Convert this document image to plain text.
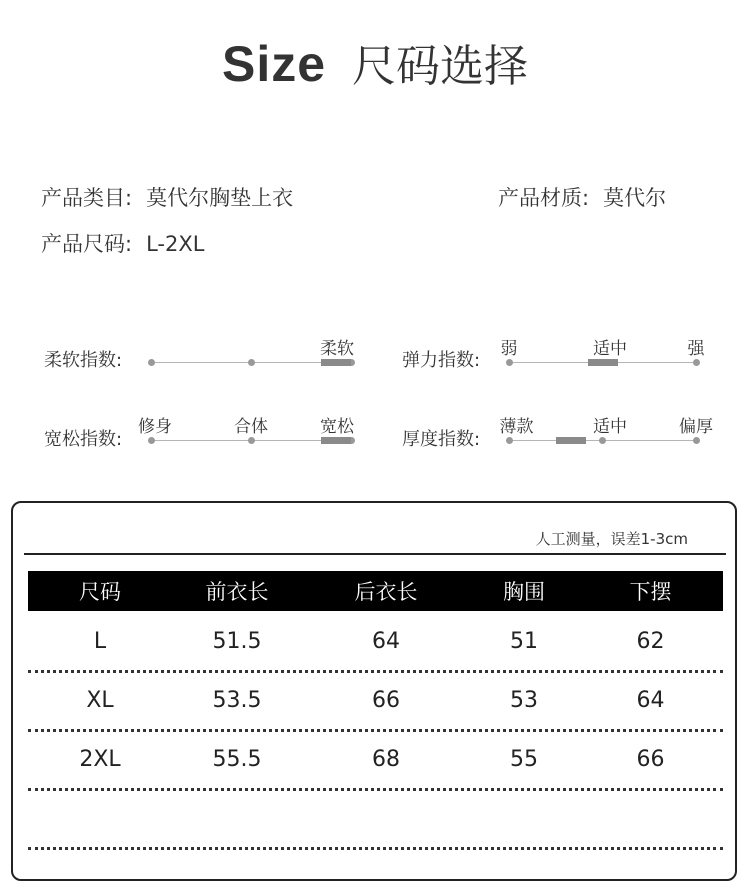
Size 尺码选择
产品类目: 莫代尔胸垫上衣	产品材质: 莫代尔
产品尺码: L-2XL
柔软指数:
柔软
弹力指数:
弱	适中	强
宽松指数:
修身	合体	宽松
厚度指数:
薄款	适中	偏厚
人工测量，误差1-3cm
尺码	前衣长	后衣长	胸围	下摆
L	51.5	64	51	62
XL	53.5	66	53	64
2XL	55.5	68	55	66
